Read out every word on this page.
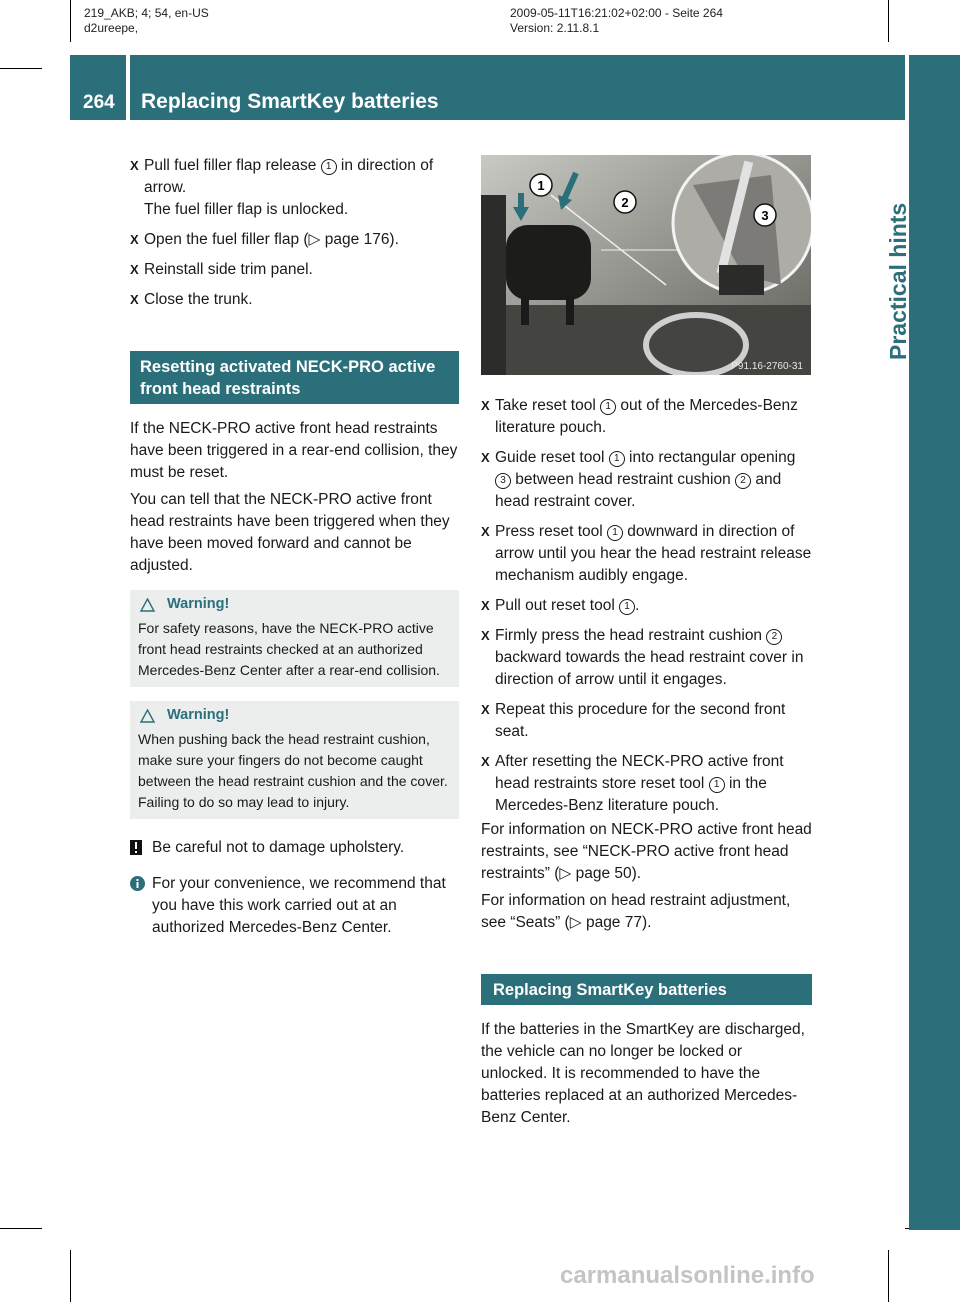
219_AKB; 4; 54, en-US
d2ureepe,
2009-05-11T16:21:02+02:00 - Seite 264
Version: 2.11.8.1
264 Replacing SmartKey batteries
Practical hints
X Pull fuel filler flap release 1 in direction of arrow.
The fuel filler flap is unlocked.
X Open the fuel filler flap (▷ page 176).
X Reinstall side trim panel.
X Close the trunk.
Resetting activated NECK-PRO active front head restraints
If the NECK-PRO active front head restraints have been triggered in a rear-end collision, they must be reset.
You can tell that the NECK-PRO active front head restraints have been triggered when they have been moved forward and cannot be adjusted.
Warning!
For safety reasons, have the NECK-PRO active front head restraints checked at an authorized Mercedes-Benz Center after a rear-end collision.
Warning!
When pushing back the head restraint cushion, make sure your fingers do not become caught between the head restraint cushion and the cover. Failing to do so may lead to injury.
Be careful not to damage upholstery.
For your convenience, we recommend that you have this work carried out at an authorized Mercedes-Benz Center.
1
2
3
P91.16-2760-31
X Take reset tool 1 out of the Mercedes-Benz literature pouch.
X Guide reset tool 1 into rectangular opening 3 between head restraint cushion 2 and head restraint cover.
X Press reset tool 1 downward in direction of arrow until you hear the head restraint release mechanism audibly engage.
X Pull out reset tool 1 .
X Firmly press the head restraint cushion 2 backward towards the head restraint cover in direction of arrow until it engages.
X Repeat this procedure for the second front seat.
X After resetting the NECK-PRO active front head restraints store reset tool 1 in the Mercedes-Benz literature pouch.
For information on NECK-PRO active front head restraints, see “NECK-PRO active front head restraints” (▷ page 50).
For information on head restraint adjustment, see “Seats” (▷ page 77).
Replacing SmartKey batteries
If the batteries in the SmartKey are discharged, the vehicle can no longer be locked or unlocked. It is recommended to have the batteries replaced at an authorized Mercedes-Benz Center.
carmanualsonline.info
